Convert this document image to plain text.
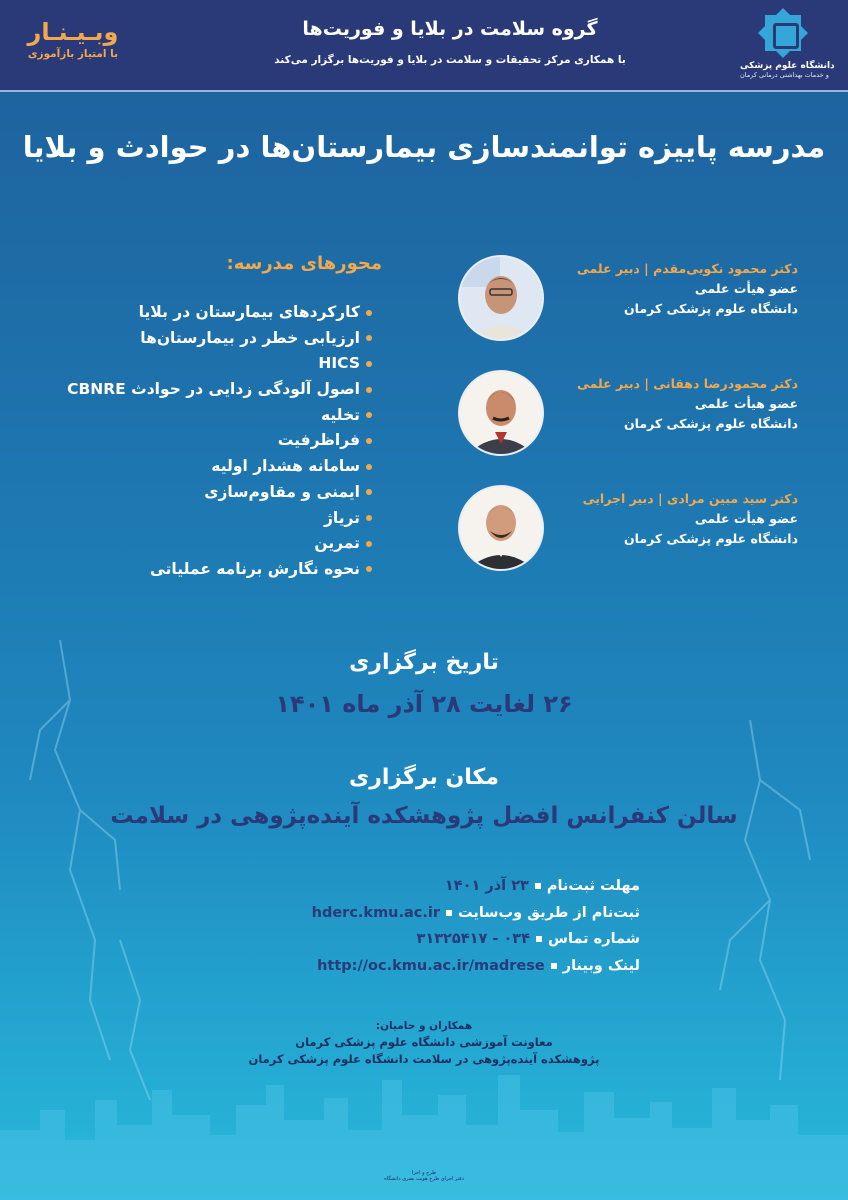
دانشگاه علوم پزشکی
و خدمات بهداشتی درمانی کرمان
گروه سلامت در بلایا و فوریت‌ها
با همکاری مرکز تحقیقات و سلامت در بلایا و فوریت‌ها برگزار می‌کند
وبـیـنـار
با امتیاز بازآموزی
مدرسه پاییزه توانمندسازی بیمارستان‌ها در حوادث و بلایا
محورهای مدرسه:
کارکردهای بیمارستان در بلایا
ارزیابی خطر در بیمارستان‌ها
HICS
اصول آلودگی زدایی در حوادث CBNRE
تخلیه
فراظرفیت
سامانه هشدار اولیه
ایمنی و مقاوم‌سازی
تریاژ
تمرین
نحوه نگارش برنامه عملیاتی
دکتر محمود نکویی‌مقدم | دبیر علمی
عضو هیأت علمی
دانشگاه علوم پزشکی کرمان
دکتر محمودرضا دهقانی | دبیر علمی
عضو هیأت علمی
دانشگاه علوم پزشکی کرمان
دکتر سید مبین مرادی | دبیر اجرایی
عضو هیأت علمی
دانشگاه علوم پزشکی کرمان
تاریخ برگزاری
۲۶ لغایت ۲۸ آذر ماه ۱۴۰۱
مکان برگزاری
سالن کنفرانس افضل پژوهشکده آینده‌پژوهی در سلامت
مهلت ثبت‌نام۲۳ آذر ۱۴۰۱
ثبت‌نام از طریق وب‌سایتhderc.kmu.ac.ir
شماره تماس۰۳۴ - ۳۱۳۲۵۴۱۷
لینک وبینارhttp://oc.kmu.ac.ir/madrese
همکاران و حامیان:
معاونت آموزشی دانشگاه علوم پزشکی کرمان
پژوهشکده آینده‌پژوهی در سلامت دانشگاه علوم پزشکی کرمان
طرح و اجرا
دفتر اجرای طرح هویت بصری دانشگاه
